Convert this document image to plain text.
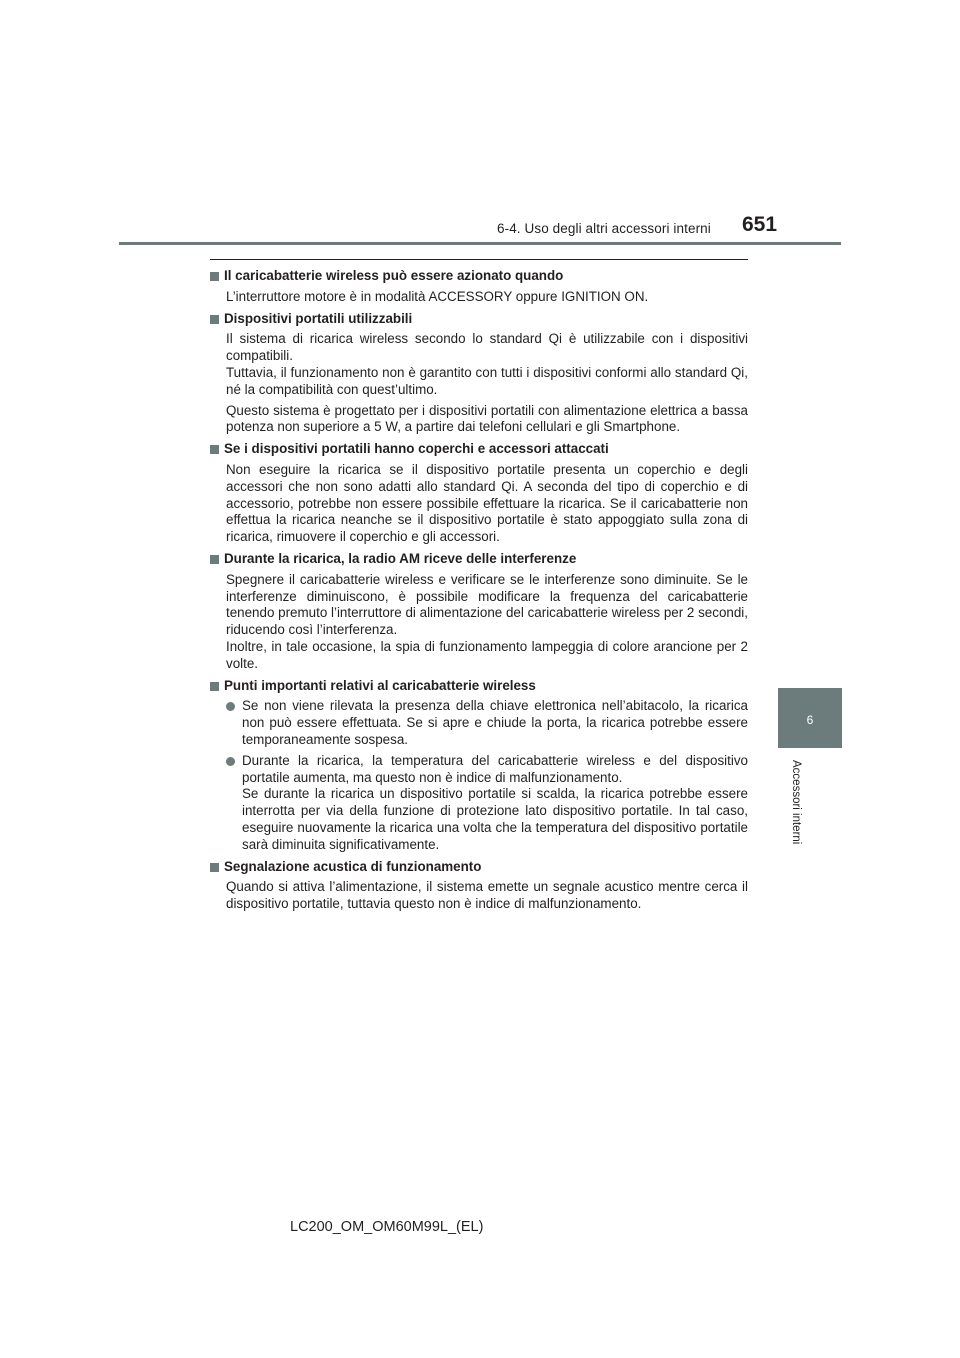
6-4. Uso degli altri accessori interni 651
6
Accessori interni
Il caricabatterie wireless può essere azionato quando

L’interruttore motore è in modalità ACCESSORY oppure IGNITION ON.

Dispositivi portatili utilizzabili

Il sistema di ricarica wireless secondo lo standard Qi è utilizzabile con i dispositivi compatibili.
Tuttavia, il funzionamento non è garantito con tutti i dispositivi conformi allo standard Qi, né la compatibilità con quest’ultimo.

Questo sistema è progettato per i dispositivi portatili con alimentazione elettrica a bassa potenza non superiore a 5 W, a partire dai telefoni cellulari e gli Smartphone.

Se i dispositivi portatili hanno coperchi e accessori attaccati

Non eseguire la ricarica se il dispositivo portatile presenta un coperchio e degli accessori che non sono adatti allo standard Qi. A seconda del tipo di coperchio e di accessorio, potrebbe non essere possibile effettuare la ricarica. Se il caricabatterie non effettua la ricarica neanche se il dispositivo portatile è stato appoggiato sulla zona di ricarica, rimuovere il coperchio e gli accessori.

Durante la ricarica, la radio AM riceve delle interferenze

Spegnere il caricabatterie wireless e verificare se le interferenze sono diminuite. Se le interferenze diminuiscono, è possibile modificare la frequenza del caricabatterie tenendo premuto l’interruttore di alimentazione del caricabatterie wireless per 2 secondi, riducendo così l’interferenza.
Inoltre, in tale occasione, la spia di funzionamento lampeggia di colore arancione per 2 volte.

Punti importanti relativi al caricabatterie wireless
Se non viene rilevata la presenza della chiave elettronica nell’abitacolo, la ricarica non può essere effettuata. Se si apre e chiude la porta, la ricarica potrebbe essere temporaneamente sospesa.
Durante la ricarica, la temperatura del caricabatterie wireless e del dispositivo portatile aumenta, ma questo non è indice di malfunzionamento.
Se durante la ricarica un dispositivo portatile si scalda, la ricarica potrebbe essere interrotta per via della funzione di protezione lato dispositivo portatile. In tal caso, eseguire nuovamente la ricarica una volta che la temperatura del dispositivo portatile sarà diminuita significativamente.
Segnalazione acustica di funzionamento

Quando si attiva l’alimentazione, il sistema emette un segnale acustico mentre cerca il dispositivo portatile, tuttavia questo non è indice di malfunzionamento.

LC200_OM_OM60M99L_(EL)
